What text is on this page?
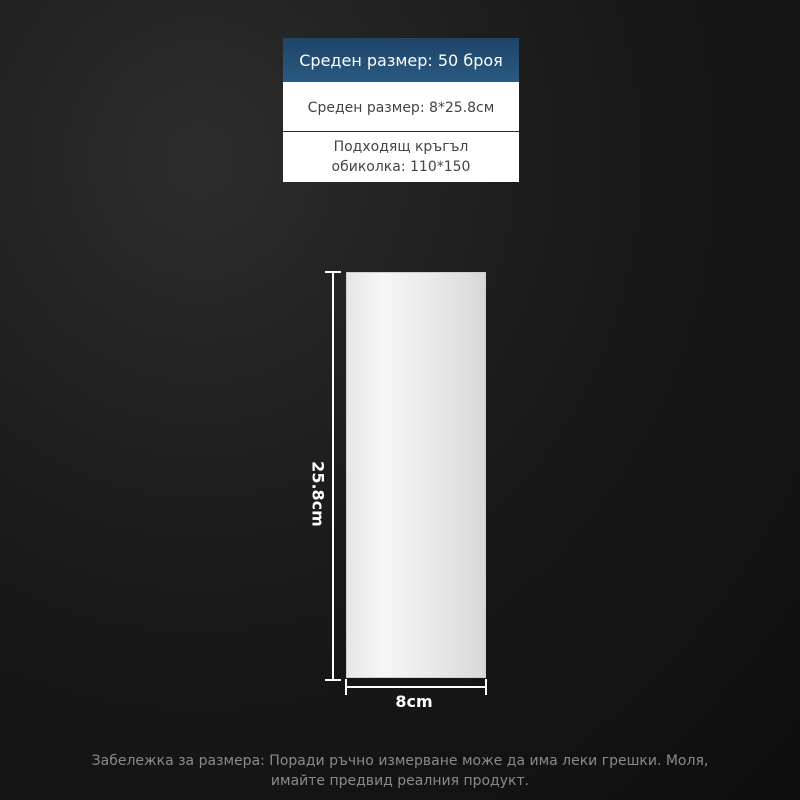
Среден размер: 50 броя
Среден размер: 8*25.8см
Подходящ кръгъл
обиколка: 110*150
25.8cm
8cm
Забележка за размера: Поради ръчно измерване може да има леки грешки. Моля,
имайте предвид реалния продукт.
